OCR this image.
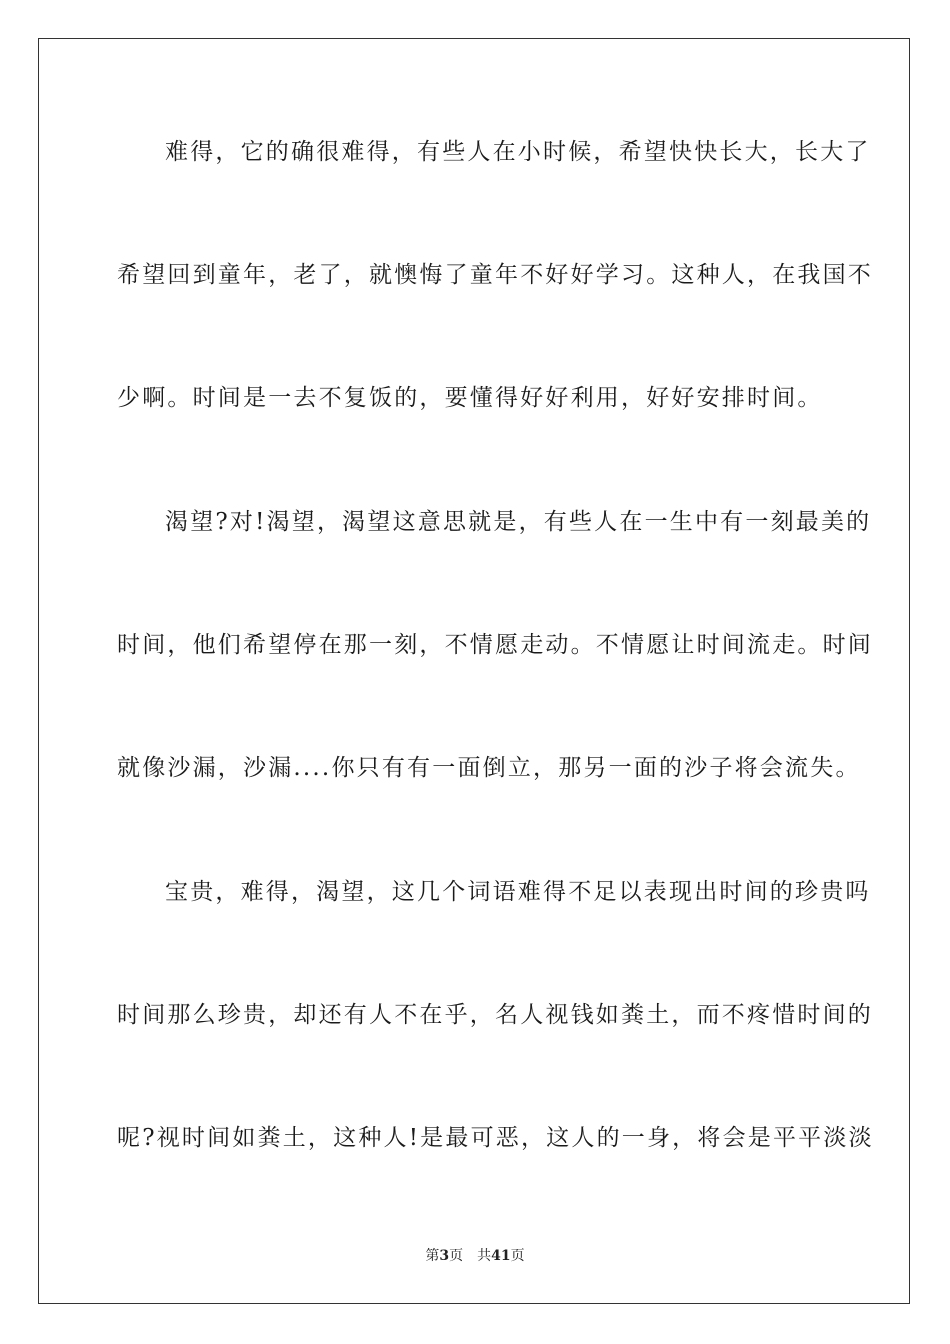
难得，它的确很难得，有些人在小时候，希望快快长大，长大了
希望回到童年，老了，就懊悔了童年不好好学习。这种人，在我国不
少啊。时间是一去不复饭的，要懂得好好利用，好好安排时间。
渴望?对!渴望，渴望这意思就是，有些人在一生中有一刻最美的
时间，他们希望停在那一刻，不情愿走动。不情愿让时间流走。时间
就像沙漏，沙漏....你只有有一面倒立，那另一面的沙子将会流失。
宝贵，难得，渴望，这几个词语难得不足以表现出时间的珍贵吗
时间那么珍贵，却还有人不在乎，名人视钱如粪土，而不疼惜时间的
呢?视时间如粪土，这种人!是最可恶，这人的一身，将会是平平淡淡
第3页 共41页
